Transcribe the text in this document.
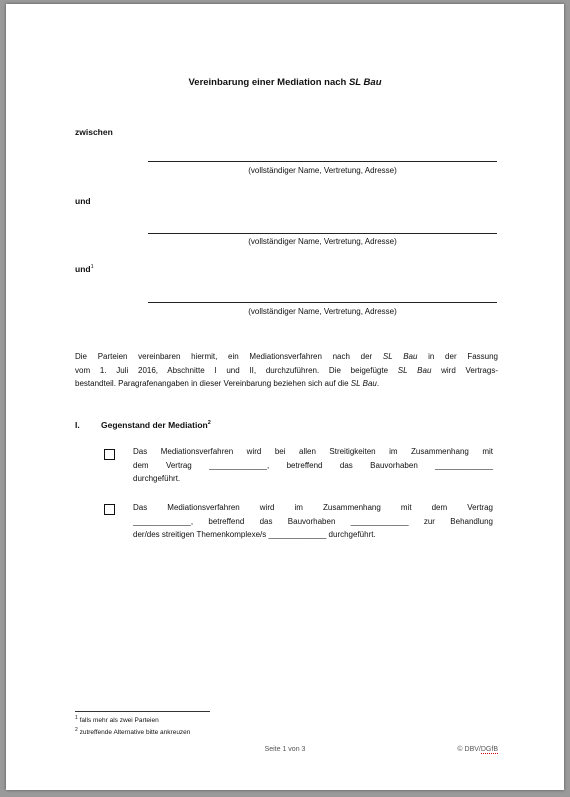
Vereinbarung einer Mediation nach SL Bau
zwischen
(vollständiger Name, Vertretung, Adresse)
und
(vollständiger Name, Vertretung, Adresse)
und$^1$
(vollständiger Name, Vertretung, Adresse)
Die Parteien vereinbaren hiermit, ein Mediationsverfahren nach der SL Bau in der Fassung
vom 1. Juli 2016, Abschnitte I und II, durchzuführen. Die beigefügte SL Bau wird Vertrags-
bestandteil. Paragrafenangaben in dieser Vereinbarung beziehen sich auf die SL Bau.
I.	Gegenstand der Mediation$^2$
Das Mediationsverfahren wird bei allen Streitigkeiten im Zusammenhang mit
dem Vertrag _____________, betreffend das Bauvorhaben _____________
durchgeführt.
Das Mediationsverfahren wird im Zusammenhang mit dem Vertrag
_____________, betreffend das Bauvorhaben _____________ zur Behandlung
der/des streitigen Themenkomplexe/s _____________ durchgeführt.
$^1$ falls mehr als zwei Parteien
$^2$ zutreffende Alternative bitte ankreuzen
Seite 1 von 3	© DBV/DGfB
